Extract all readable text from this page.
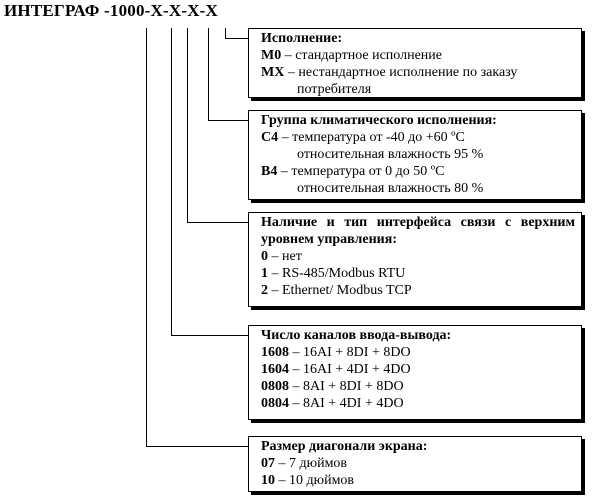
ИНТЕГРАФ -1000-Х-Х-Х-Х
Исполнение:
М0 – стандартное исполнение
МХ – нестандартное исполнение по заказу
потребителя
Группа климатического исполнения:
С4 – температура от -40 до +60 ºС
относительная влажность 95 %
В4 – температура от 0 до 50 ºС
относительная влажность 80 %
Наличие и тип интерфейса связи с верхним уровнем управления:
0 – нет
1 – RS-485/Modbus RTU
2 – Ethernet/ Modbus TCP
Число каналов ввода-вывода:
1608 – 16AI + 8DI + 8DO
1604 – 16AI + 4DI + 4DO
0808 – 8AI + 8DI + 8DO
0804 – 8AI + 4DI + 4DO
Размер диагонали экрана:
07 – 7 дюймов
10 – 10 дюймов
